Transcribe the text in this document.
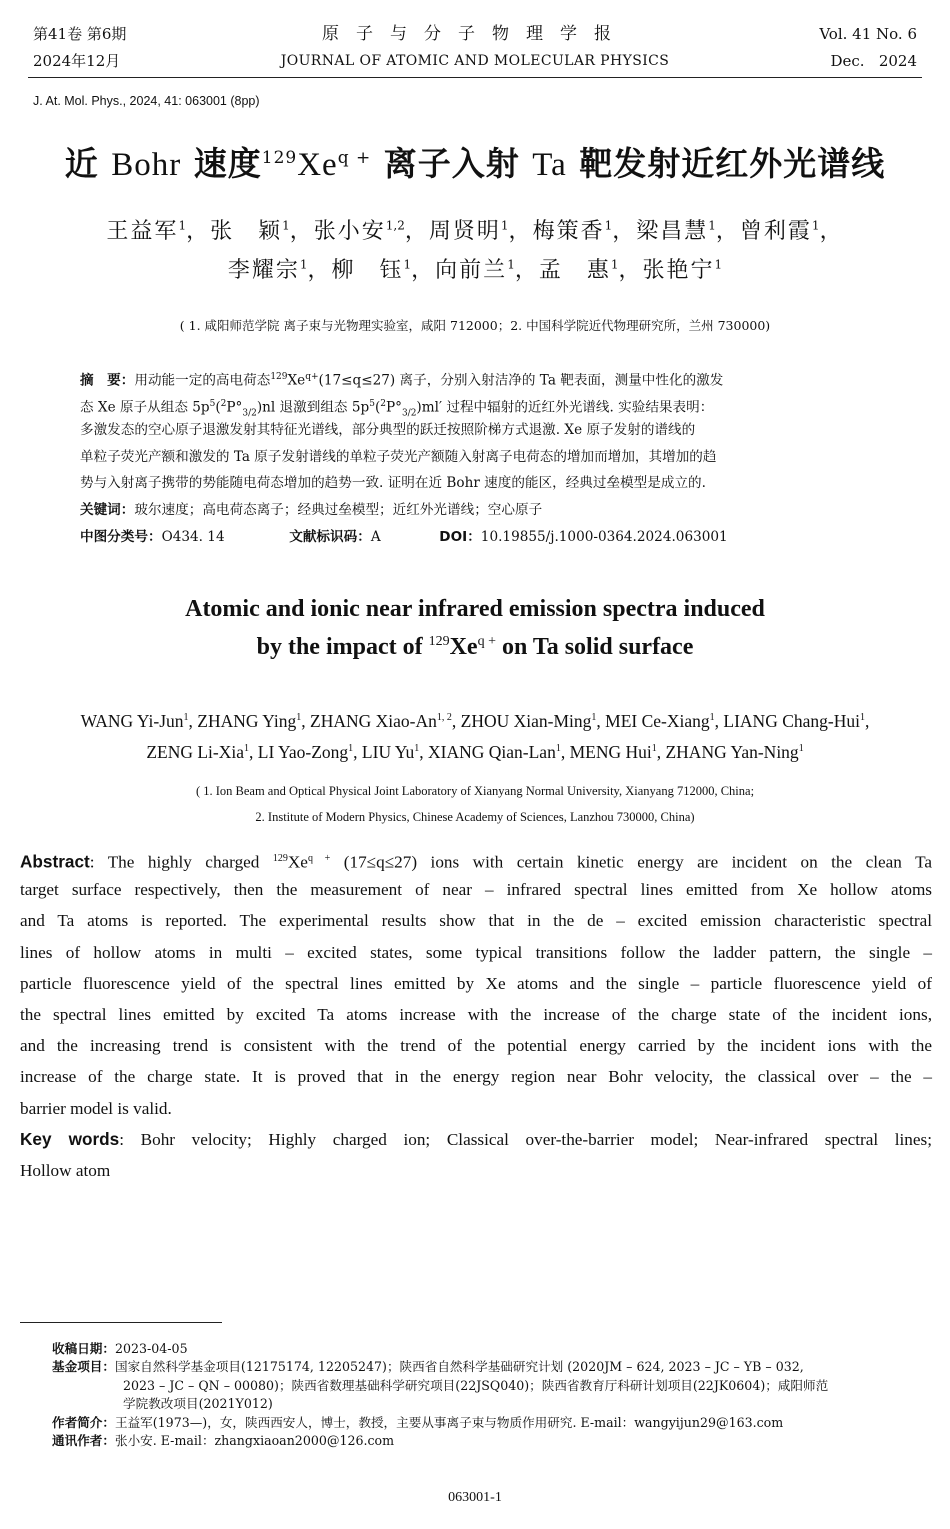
第41卷 第6期
2024年12月
原子与分子物理学报
JOURNAL OF ATOMIC AND MOLECULAR PHYSICS
Vol. 41 No. 6
Dec.   2024
J. At. Mol. Phys., 2024, 41: 063001 (8pp)
近 Bohr 速度$^{129}Xe^{q +}$ 离子入射 Ta 靶发射近红外光谱线
王益军$^1$，张　颖$^1$，张小安$^{1,2}$，周贤明$^1$，梅策香$^1$，梁昌慧$^1$，曾利霞$^1$，
李耀宗$^1$，柳　钰$^1$，向前兰$^1$，孟　惠$^1$，张艳宁$^1$
( 1. 咸阳师范学院 离子束与光物理实验室，咸阳 712000；2. 中国科学院近代物理研究所，兰州 730000)
摘　要：用动能一定的高电荷态$^{129}Xe^{q+}(17\le q\le 27)$ 离子，分别入射洁净的 Ta 靶表面，测量中性化的激发
态 Xe 原子从组态 $5p^5(^2P^\circ_{3/2})nl$ 退激到组态 $5p^5(^2P^\circ_{3/2})ml'$ 过程中辐射的近红外光谱线. 实验结果表明：
多激发态的空心原子退激发射其特征光谱线，部分典型的跃迁按照阶梯方式退激. Xe 原子发射的谱线的
单粒子荧光产额和激发的 Ta 原子发射谱线的单粒子荧光产额随入射离子电荷态的增加而增加，其增加的趋
势与入射离子携带的势能随电荷态增加的趋势一致. 证明在近 Bohr 速度的能区，经典过垒模型是成立的.
关键词：玻尔速度；高电荷态离子；经典过垒模型；近红外光谱线；空心原子
中图分类号：O434. 14	文献标识码：A	DOI：10.19855/j.1000-0364.2024.063001
Atomic and ionic near infrared emission spectra induced
by the impact of $^{129}Xe^{q +}$ on Ta solid surface
WANG Yi-Jun$^1$, ZHANG Ying$^1$, ZHANG Xiao-An$^{1, 2}$, ZHOU Xian-Ming$^1$, MEI Ce-Xiang$^1$, LIANG Chang-Hui$^1$,
ZENG Li-Xia$^1$, LI Yao-Zong$^1$, LIU Yu$^1$, XIANG Qian-Lan$^1$, MENG Hui$^1$, ZHANG Yan-Ning$^1$
( 1. Ion Beam and Optical Physical Joint Laboratory of Xianyang Normal University, Xianyang 712000, China;
2. Institute of Modern Physics, Chinese Academy of Sciences, Lanzhou 730000, China)
Abstract: The highly charged $^{129}Xe^{q +}$ (17≤q≤27) ions with certain kinetic energy are incident on the clean Ta
target surface respectively, then the measurement of near – infrared spectral lines emitted from Xe hollow atoms
and Ta atoms is reported. The experimental results show that in the de – excited emission characteristic spectral
lines of hollow atoms in multi – excited states, some typical transitions follow the ladder pattern, the single –
particle fluorescence yield of the spectral lines emitted by Xe atoms and the single – particle fluorescence yield of
the spectral lines emitted by excited Ta atoms increase with the increase of the charge state of the incident ions,
and the increasing trend is consistent with the trend of the potential energy carried by the incident ions with the
increase of the charge state. It is proved that in the energy region near Bohr velocity, the classical over – the –
barrier model is valid.
Key words: Bohr velocity; Highly charged ion; Classical over-the-barrier model; Near-infrared spectral lines;
Hollow atom
收稿日期：2023-04-05
基金项目：国家自然科学基金项目(12175174, 12205247)；陕西省自然科学基础研究计划 (2020JM – 624, 2023 – JC – YB – 032,
2023 – JC – QN – 00080)；陕西省数理基础科学研究项目(22JSQ040)；陕西省教育厅科研计划项目(22JK0604)；咸阳师范
学院教改项目(2021Y012)
作者简介：王益军(1973—)，女，陕西西安人，博士，教授，主要从事离子束与物质作用研究. E-mail：wangyijun29@163.com
通讯作者：张小安. E-mail：zhangxiaoan2000@126.com
063001-1
